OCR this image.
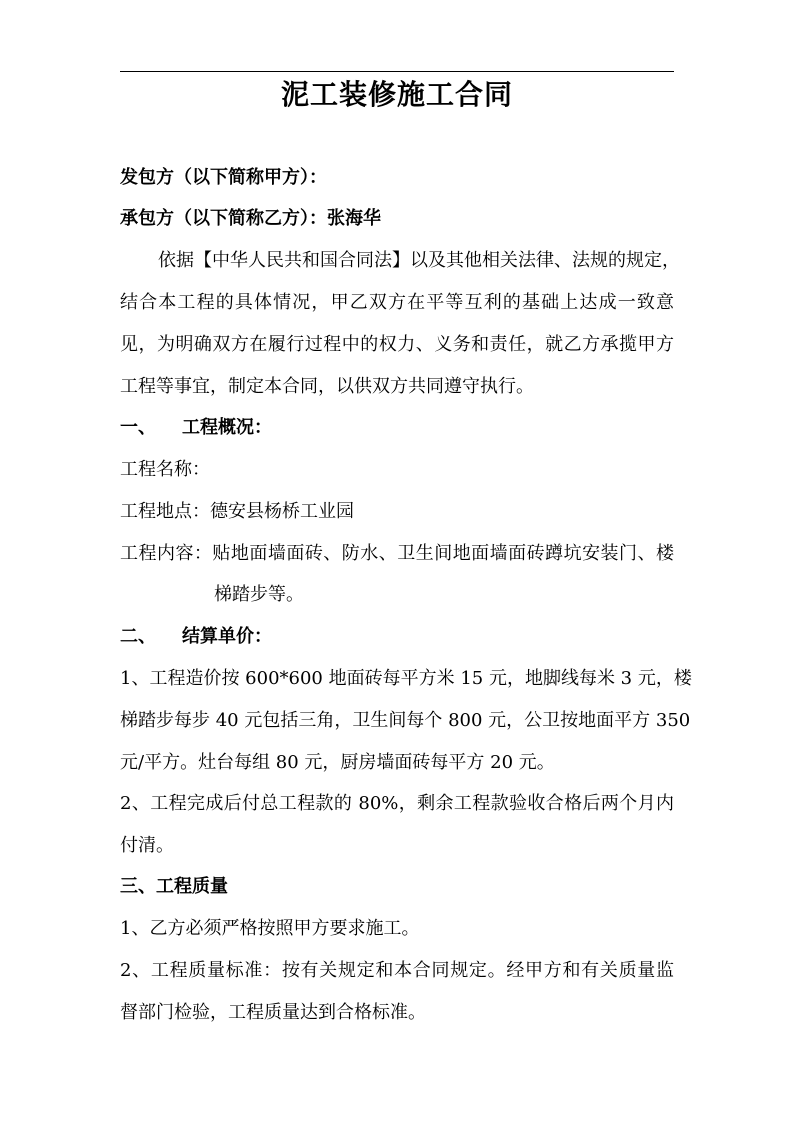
泥工装修施工合同
发包方（以下简称甲方）：
承包方（以下简称乙方）：张海华
依据【中华人民共和国合同法】以及其他相关法律、法规的规定，
结合本工程的具体情况，甲乙双方在平等互利的基础上达成一致意
见，为明确双方在履行过程中的权力、义务和责任，就乙方承揽甲方
工程等事宜，制定本合同，以供双方共同遵守执行。
一、 工程概况：
工程名称：
工程地点：德安县杨桥工业园
工程内容：贴地面墙面砖、防水、卫生间地面墙面砖蹲坑安装门、楼
梯踏步等。
二、 结算单价：
1、工程造价按 600*600 地面砖每平方米 15 元，地脚线每米 3 元，楼
梯踏步每步 40 元包括三角，卫生间每个 800 元，公卫按地面平方 350
元/平方。灶台每组 80 元，厨房墙面砖每平方 20 元。
2、工程完成后付总工程款的 80%，剩余工程款验收合格后两个月内
付清。
三、工程质量
1、乙方必须严格按照甲方要求施工。
2、工程质量标准：按有关规定和本合同规定。经甲方和有关质量监
督部门检验，工程质量达到合格标准。
